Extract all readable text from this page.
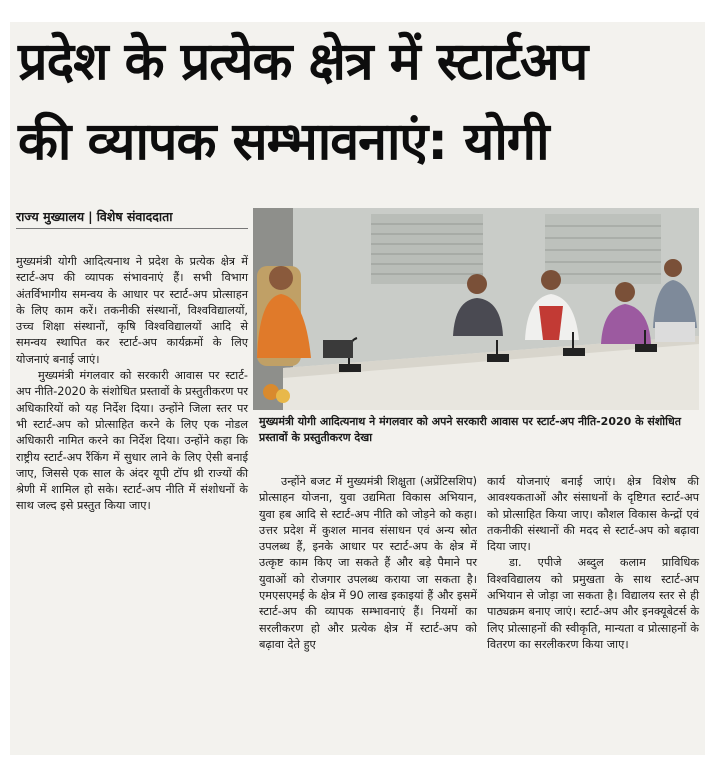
प्रदेश के प्रत्येक क्षेत्र में स्टार्टअप
की व्यापक सम्भावनाएं: योगी
राज्य मुख्यालय | विशेष संवाददाता

मुख्यमंत्री योगी आदित्यनाथ ने प्रदेश के प्रत्येक क्षेत्र में स्टार्ट-अप की व्यापक संभावनाएं हैं। सभी विभाग अंतर्विभागीय समन्वय के आधार पर स्टार्ट-अप प्रोत्साहन के लिए काम करें। तकनीकी संस्थानों, विश्वविद्यालयों, उच्च शिक्षा संस्थानों, कृषि विश्वविद्यालयों आदि से समन्वय स्थापित कर स्टार्ट-अप कार्यक्रमों के लिए योजनाएं बनाई जाएं।

मुख्यमंत्री मंगलवार को सरकारी आवास पर स्टार्ट-अप नीति-2020 के संशोधित प्रस्तावों के प्रस्तुतीकरण पर अधिकारियों को यह निर्देश दिया। उन्होंने जिला स्तर पर भी स्टार्ट-अप को प्रोत्साहित करने के लिए एक नोडल अधिकारी नामित करने का निर्देश दिया। उन्होंने कहा कि राष्ट्रीय स्टार्ट-अप रैंकिंग में सुधार लाने के लिए ऐसी बनाई जाए, जिससे एक साल के अंदर यूपी टॉप थ्री राज्यों की श्रेणी में शामिल हो सके। स्टार्ट-अप नीति में संशोधनों के साथ जल्द इसे प्रस्तुत किया जाए।

मुख्यमंत्री योगी आदित्यनाथ ने मंगलवार को अपने सरकारी आवास पर स्टार्ट-अप नीति-2020 के संशोधित प्रस्तावों के प्रस्तुतीकरण देखा

उन्होंने बजट में मुख्यमंत्री शिक्षुता (अप्रेंटिसशिप) प्रोत्साहन योजना, युवा उद्यमिता विकास अभियान, युवा हब आदि से स्टार्ट-अप नीति को जोड़ने को कहा। उत्तर प्रदेश में कुशल मानव संसाधन एवं अन्य स्रोत उपलब्ध हैं, इनके आधार पर स्टार्ट-अप के क्षेत्र में उत्कृष्ट काम किए जा सकते हैं और बड़े पैमाने पर युवाओं को रोजगार उपलब्ध कराया जा सकता है। एमएसएमई के क्षेत्र में 90 लाख इकाइयां हैं और इसमें स्टार्ट-अप की व्यापक सम्भावनाएं हैं। नियमों का सरलीकरण हो और प्रत्येक क्षेत्र में स्टार्ट-अप को बढ़ावा देते हुए

कार्य योजनाएं बनाई जाएं। क्षेत्र विशेष की आवश्यकताओं और संसाधनों के दृष्टिगत स्टार्ट-अप को प्रोत्साहित किया जाए। कौशल विकास केन्द्रों एवं तकनीकी संस्थानों की मदद से स्टार्ट-अप को बढ़ावा दिया जाए।

डा. एपीजे अब्दुल कलाम प्राविधिक विश्वविद्यालय को प्रमुखता के साथ स्टार्ट-अप अभियान से जोड़ा जा सकता है। विद्यालय स्तर से ही पाठ्यक्रम बनाए जाएं। स्टार्ट-अप और इनक्यूबेटर्स के लिए प्रोत्साहनों की स्वीकृति, मान्यता व प्रोत्साहनों के वितरण का सरलीकरण किया जाए।
